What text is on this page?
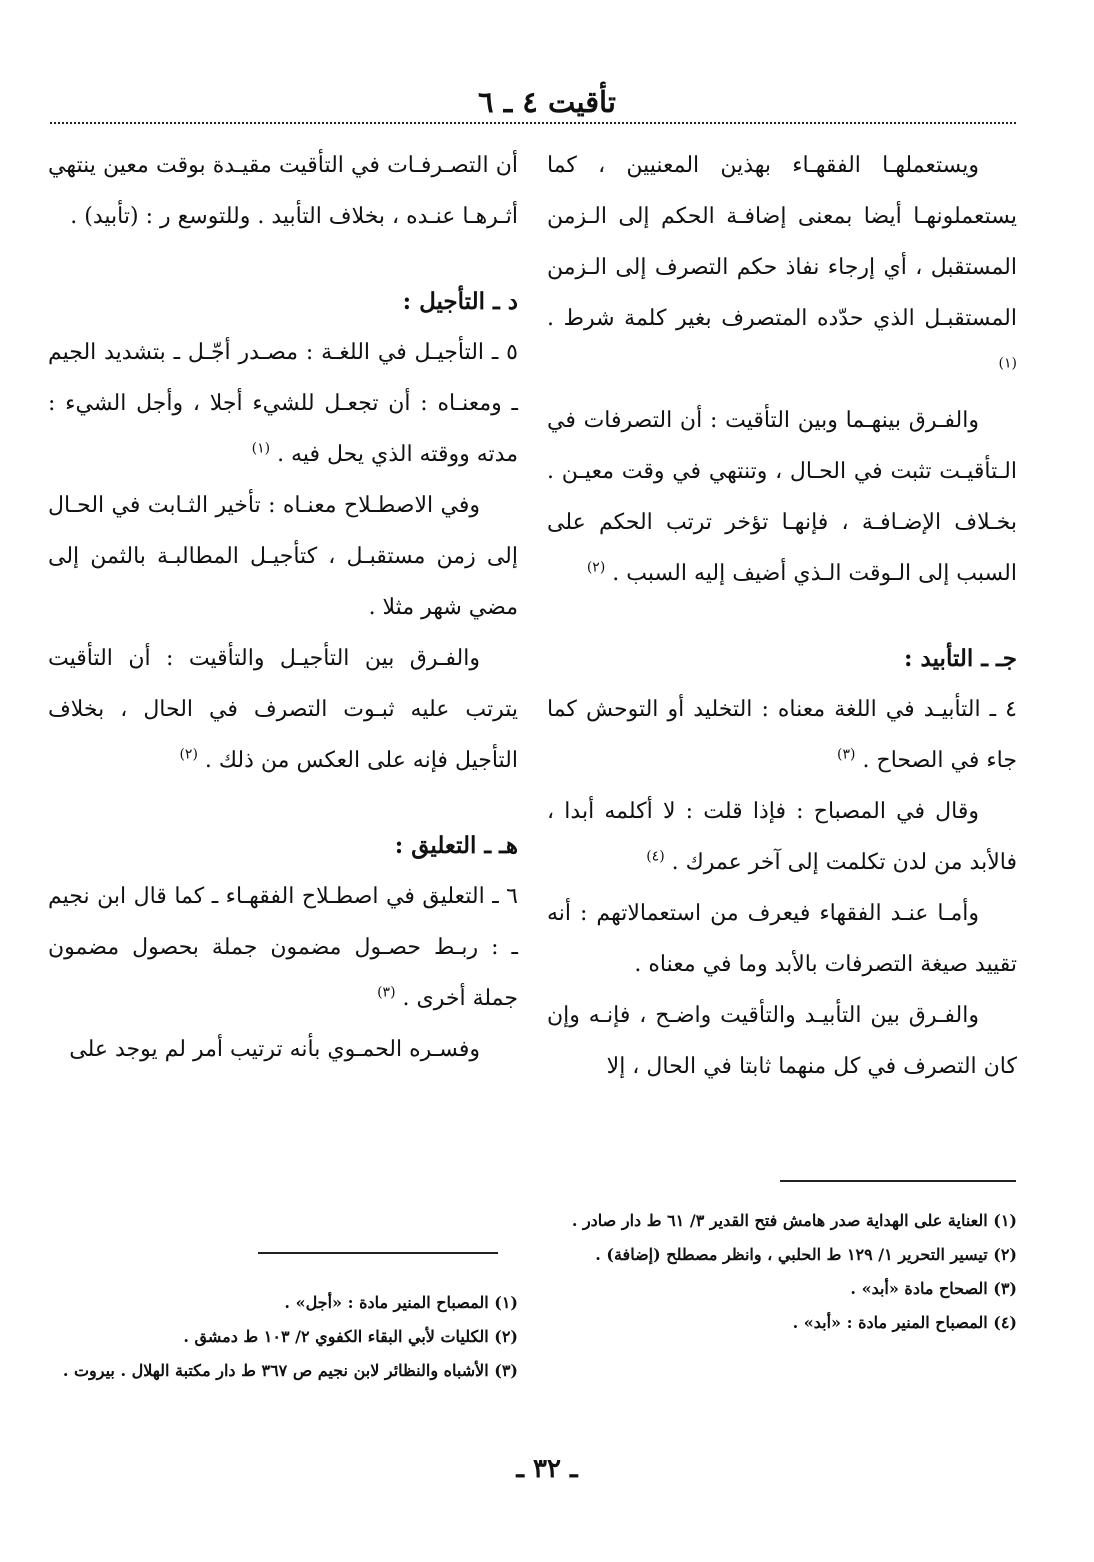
تأقيت ٤ ـ ٦

ويستعملهـا الفقهـاء بهذين المعنيين ، كما يستعملونهـا أيضا بمعنى إضافـة الحكم إلى الـزمن المستقبل ، أي إرجاء نفاذ حكم التصرف إلى الـزمن المستقبـل الذي حدّده المتصرف بغير كلمة شرط . $^{(١)}$

والفـرق بينهـما وبين التأقيت : أن التصرفات في الـتأقيـت تثبت في الحـال ، وتنتهي في وقت معيـن . بخـلاف الإضـافـة ، فإنهـا تؤخر ترتب الحكم على السبب إلى الـوقت الـذي أضيف إليه السبب . $^{(٢)}$

جـ ـ التأبيد :

٤ ـ التأبيـد في اللغة معناه : التخليد أو التوحش كما جاء في الصحاح . $^{(٣)}$

وقال في المصباح : فإذا قلت : لا أكلمه أبدا ، فالأبد من لدن تكلمت إلى آخر عمرك . $^{(٤)}$

وأمـا عنـد الفقهاء فيعرف من استعمالاتهم : أنه تقييد صيغة التصرفات بالأبد وما في معناه .

والفـرق بين التأبيـد والتأقيت واضـح ، فإنـه وإن كان التصرف في كل منهما ثابتا في الحال ، إلا

أن التصـرفـات في التأقيت مقيـدة بوقت معين ينتهي أثـرهـا عنـده ، بخلاف التأبيد . وللتوسع ر : (تأبيد) .

د ـ التأجيل :

٥ ـ التأجيـل في اللغـة : مصـدر أجّـل ـ بتشديد الجيم ـ ومعنـاه : أن تجعـل للشيء أجلا ، وأجل الشيء : مدته ووقته الذي يحل فيه . $^{(١)}$

وفي الاصطـلاح معنـاه : تأخير الثـابت في الحـال إلى زمن مستقبـل ، كتأجيـل المطالبـة بالثمن إلى مضي شهر مثلا .

والفـرق بين التأجيـل والتأقيت : أن التأقيت يترتب عليه ثبـوت التصرف في الحال ، بخلاف التأجيل فإنه على العكس من ذلك . $^{(٢)}$

هـ ـ التعليق :

٦ ـ التعليق في اصطـلاح الفقهـاء ـ كما قال ابن نجيم ـ : ربـط حصـول مضمون جملة بحصول مضمون جملة أخرى . $^{(٣)}$

وفسـره الحمـوي بأنه ترتيب أمر لم يوجد على

(١) العناية على الهداية صدر هامش فتح القدير ٣/ ٦١ ط دار صادر .

(٢) تيسير التحرير ١/ ١٢٩ ط الحلبي ، وانظر مصطلح (إضافة) .

(٣) الصحاح مادة «أبد» .

(٤) المصباح المنير مادة : «أبد» .

(١) المصباح المنير مادة : «أجل» .

(٢) الكليات لأبي البقاء الكفوي ٢/ ١٠٣ ط دمشق .

(٣) الأشباه والنظائر لابن نجيم ص ٣٦٧ ط دار مكتبة الهلال . بيروت .

ـ ٣٢ ـ
